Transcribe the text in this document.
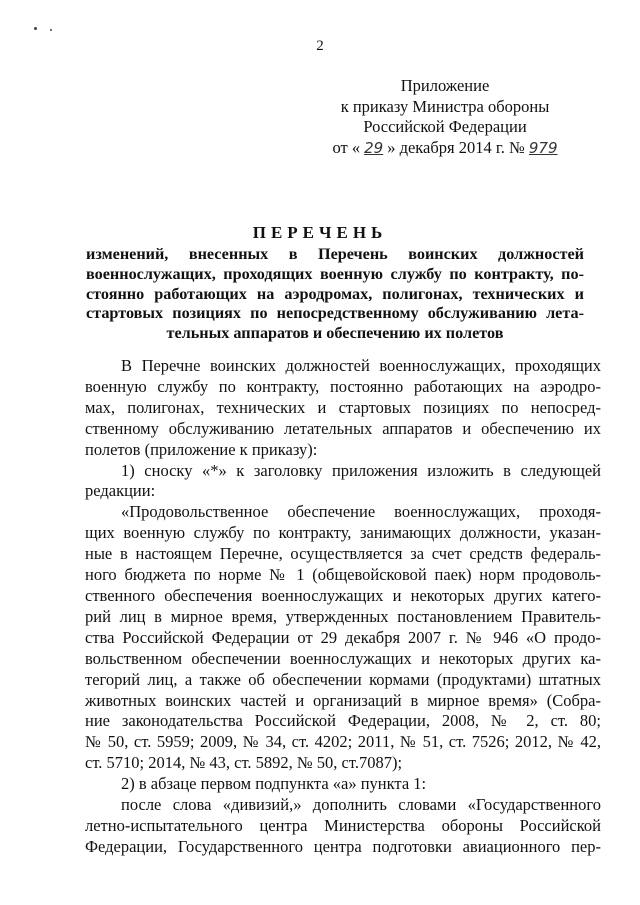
2
Приложение
к приказу Министра обороны
Российской Федерации
от « 29 » декабря 2014 г. № 979
ПЕРЕЧЕНЬ
изменений, внесенных в Перечень воинских должностей
военнослужащих, проходящих военную службу по контракту, по-
стоянно работающих на аэродромах, полигонах, технических и
стартовых позициях по непосредственному обслуживанию лета-
тельных аппаратов и обеспечению их полетов
В Перечне воинских должностей военнослужащих, проходящих
военную службу по контракту, постоянно работающих на аэродро-
мах, полигонах, технических и стартовых позициях по непосред-
ственному обслуживанию летательных аппаратов и обеспечению их
полетов (приложение к приказу):
1) сноску «*» к заголовку приложения изложить в следующей
редакции:
«Продовольственное обеспечение военнослужащих, проходя-
щих военную службу по контракту, занимающих должности, указан-
ные в настоящем Перечне, осуществляется за счет средств федераль-
ного бюджета по норме № 1 (общевойсковой паек) норм продоволь-
ственного обеспечения военнослужащих и некоторых других катего-
рий лиц в мирное время, утвержденных постановлением Правитель-
ства Российской Федерации от 29 декабря 2007 г. № 946 «О продо-
вольственном обеспечении военнослужащих и некоторых других ка-
тегорий лиц, а также об обеспечении кормами (продуктами) штатных
животных воинских частей и организаций в мирное время» (Собра-
ние законодательства Российской Федерации, 2008, № 2, ст. 80;
№ 50, ст. 5959; 2009, № 34, ст. 4202; 2011, № 51, ст. 7526; 2012, № 42,
ст. 5710; 2014, № 43, ст. 5892, № 50, ст.7087);
2) в абзаце первом подпункта «а» пункта 1:
после слова «дивизий,» дополнить словами «Государственного
летно-испытательного центра Министерства обороны Российской
Федерации, Государственного центра подготовки авиационного пер-
